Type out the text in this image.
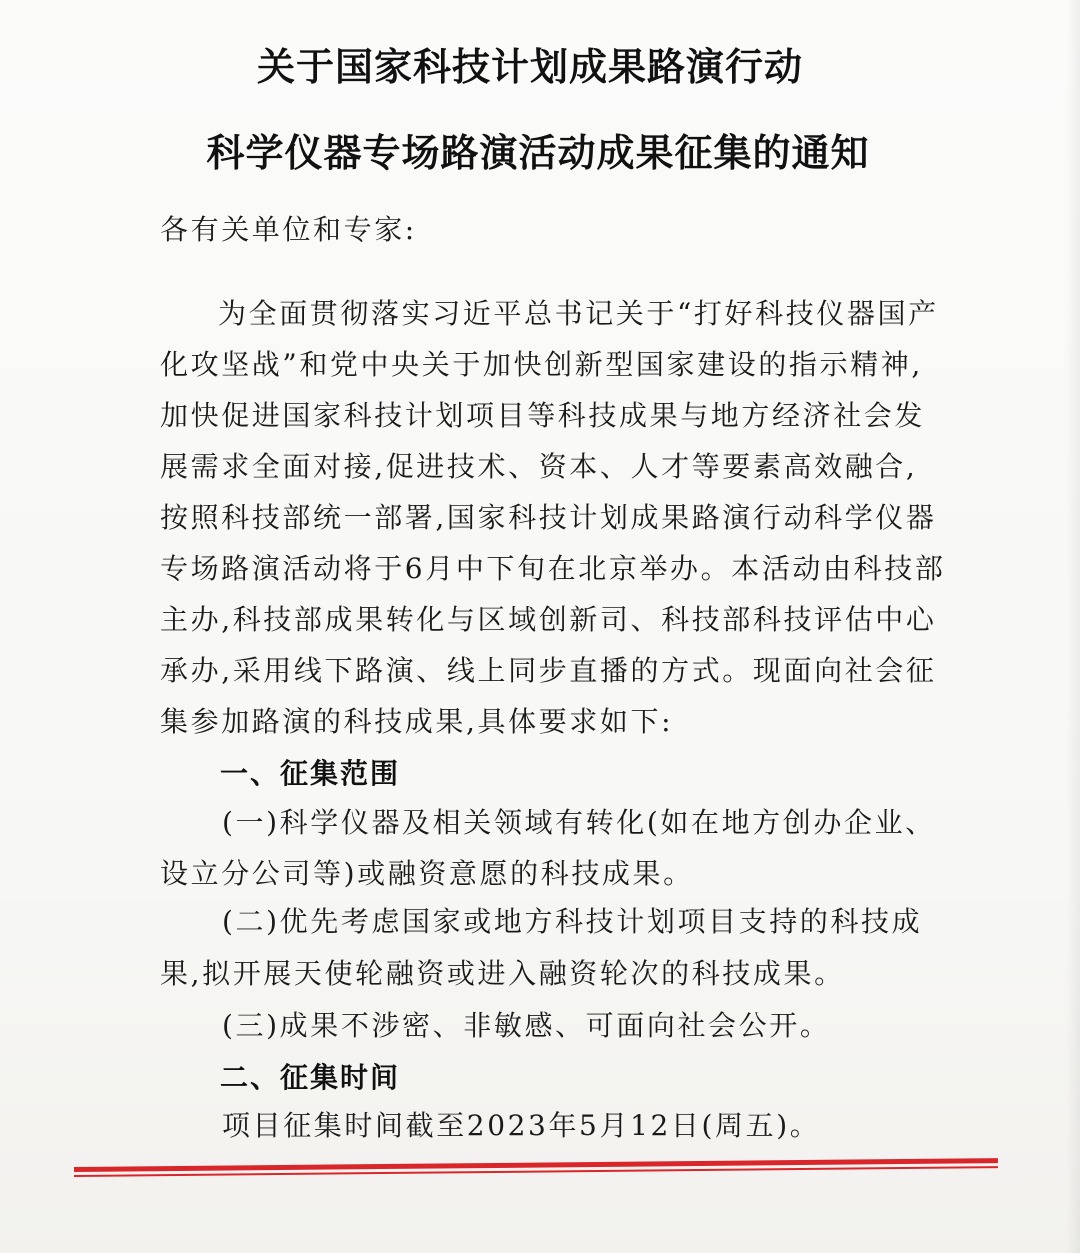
关于国家科技计划成果路演行动
科学仪器专场路演活动成果征集的通知
各有关单位和专家:
为全面贯彻落实习近平总书记关于“打好科技仪器国产
化攻坚战”和党中央关于加快创新型国家建设的指示精神,
加快促进国家科技计划项目等科技成果与地方经济社会发
展需求全面对接,促进技术、资本、人才等要素高效融合,
按照科技部统一部署,国家科技计划成果路演行动科学仪器
专场路演活动将于6月中下旬在北京举办。本活动由科技部
主办,科技部成果转化与区域创新司、科技部科技评估中心
承办,采用线下路演、线上同步直播的方式。现面向社会征
集参加路演的科技成果,具体要求如下:
一、征集范围
(一)科学仪器及相关领域有转化(如在地方创办企业、
设立分公司等)或融资意愿的科技成果。
(二)优先考虑国家或地方科技计划项目支持的科技成
果,拟开展天使轮融资或进入融资轮次的科技成果。
(三)成果不涉密、非敏感、可面向社会公开。
二、征集时间
项目征集时间截至2023年5月12日(周五)。
